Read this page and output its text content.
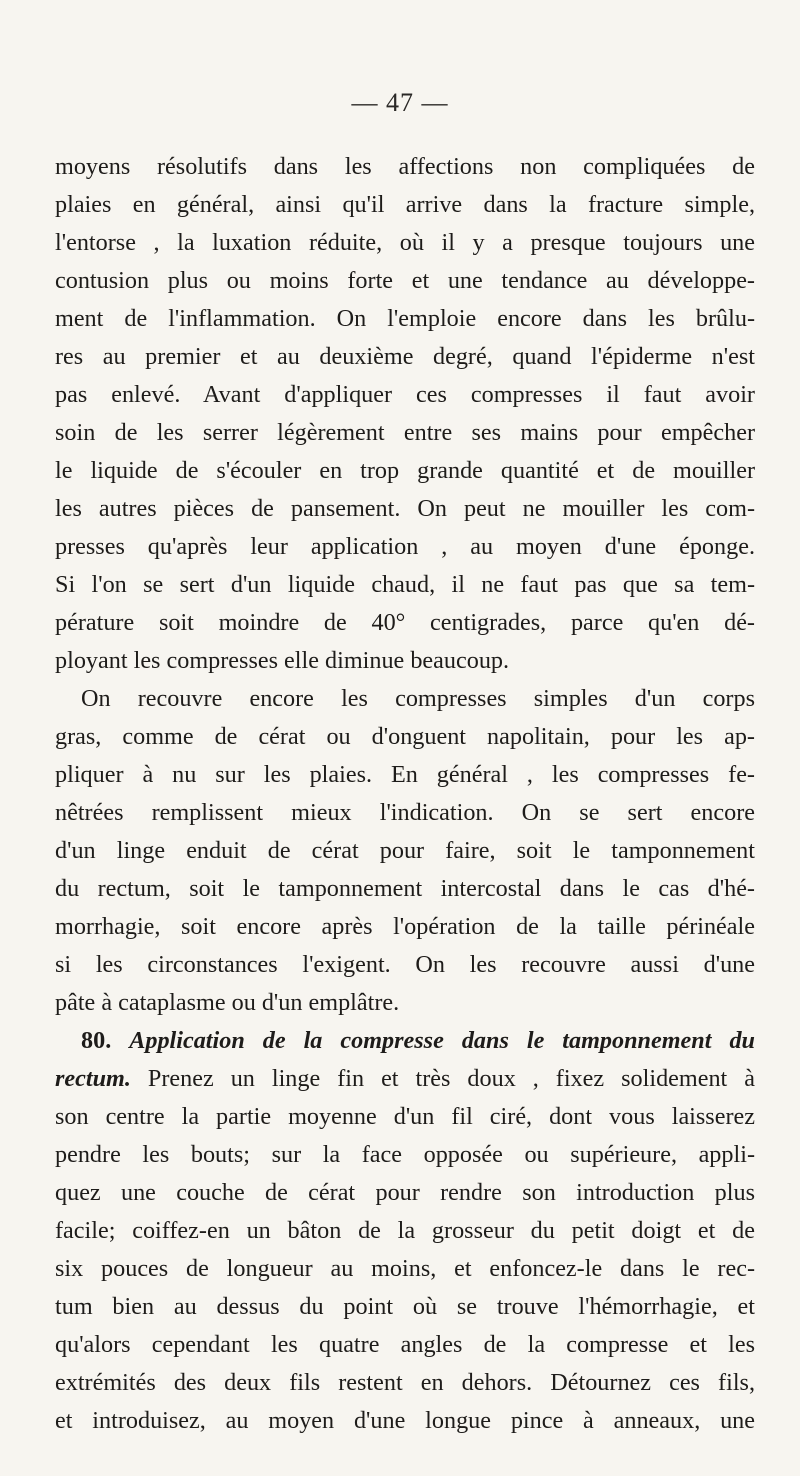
— 47 —
moyens résolutifs dans les affections non compliquées de
plaies en général, ainsi qu'il arrive dans la fracture simple,
l'entorse , la luxation réduite, où il y a presque toujours une
contusion plus ou moins forte et une tendance au développe-
ment de l'inflammation. On l'emploie encore dans les brûlu-
res au premier et au deuxième degré, quand l'épiderme n'est
pas enlevé. Avant d'appliquer ces compresses il faut avoir
soin de les serrer légèrement entre ses mains pour empêcher
le liquide de s'écouler en trop grande quantité et de mouiller
les autres pièces de pansement. On peut ne mouiller les com-
presses qu'après leur application , au moyen d'une éponge.
Si l'on se sert d'un liquide chaud, il ne faut pas que sa tem-
pérature soit moindre de 40° centigrades, parce qu'en dé-
ployant les compresses elle diminue beaucoup.
On recouvre encore les compresses simples d'un corps
gras, comme de cérat ou d'onguent napolitain, pour les ap-
pliquer à nu sur les plaies. En général , les compresses fe-
nêtrées remplissent mieux l'indication. On se sert encore
d'un linge enduit de cérat pour faire, soit le tamponnement
du rectum, soit le tamponnement intercostal dans le cas d'hé-
morrhagie, soit encore après l'opération de la taille périnéale
si les circonstances l'exigent. On les recouvre aussi d'une
pâte à cataplasme ou d'un emplâtre.
80. Application de la compresse dans le tamponnement du
rectum. Prenez un linge fin et très doux , fixez solidement à
son centre la partie moyenne d'un fil ciré, dont vous laisserez
pendre les bouts; sur la face opposée ou supérieure, appli-
quez une couche de cérat pour rendre son introduction plus
facile; coiffez-en un bâton de la grosseur du petit doigt et de
six pouces de longueur au moins, et enfoncez-le dans le rec-
tum bien au dessus du point où se trouve l'hémorrhagie, et
qu'alors cependant les quatre angles de la compresse et les
extrémités des deux fils restent en dehors. Détournez ces fils,
et introduisez, au moyen d'une longue pince à anneaux, une
